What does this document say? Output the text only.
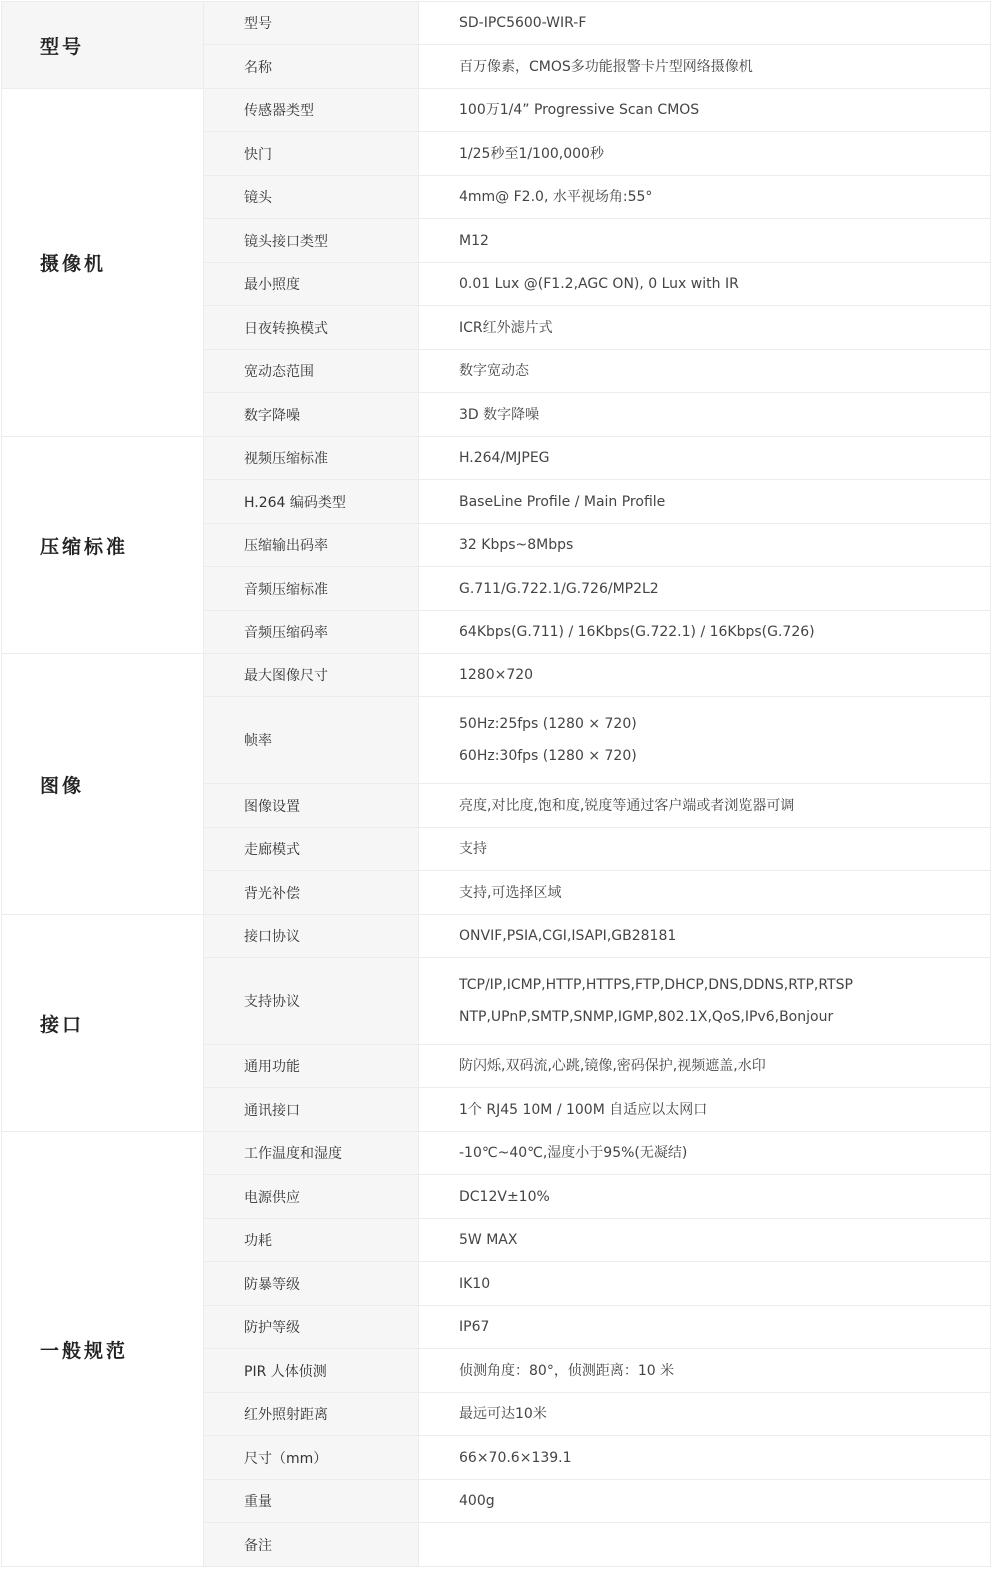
型号	型号	SD-IPC5600-WIR-F

	名称	百万像素，CMOS多功能报警卡片型网络摄像机

摄像机	传感器类型	100万1/4” Progressive Scan CMOS

	快门	1/25秒至1/100,000秒

	镜头	4mm@ F2.0, 水平视场角:55°

	镜头接口类型	M12

	最小照度	0.01 Lux @(F1.2,AGC ON), 0 Lux with IR

	日夜转换模式	ICR红外滤片式

	宽动态范围	数字宽动态

	数字降噪	3D 数字降噪

压缩标准	视频压缩标准	H.264/MJPEG

	H.264 编码类型	BaseLine Profile / Main Profile

	压缩输出码率	32 Kbps~8Mbps

	音频压缩标准	G.711/G.722.1/G.726/MP2L2

	音频压缩码率	64Kbps(G.711) / 16Kbps(G.722.1) / 16Kbps(G.726)

图像	最大图像尺寸	1280×720

	帧率	50Hz:25fps (1280 × 720)
60Hz:30fps (1280 × 720)

	图像设置	亮度,对比度,饱和度,锐度等通过客户端或者浏览器可调

	走廊模式	支持

	背光补偿	支持,可选择区域

接口	接口协议	ONVIF,PSIA,CGI,ISAPI,GB28181

	支持协议	TCP/IP,ICMP,HTTP,HTTPS,FTP,DHCP,DNS,DDNS,RTP,RTSP
NTP,UPnP,SMTP,SNMP,IGMP,802.1X,QoS,IPv6,Bonjour

	通用功能	防闪烁,双码流,心跳,镜像,密码保护,视频遮盖,水印

	通讯接口	1个 RJ45 10M / 100M 自适应以太网口

一般规范	工作温度和湿度	-10℃~40℃,湿度小于95%(无凝结)

	电源供应	DC12V±10%

	功耗	5W MAX

	防暴等级	IK10

	防护等级	IP67

	PIR 人体侦测	侦测角度：80°，侦测距离：10 米

	红外照射距离	最远可达10米

	尺寸（mm）	66×70.6×139.1

	重量	400g

	备注	
